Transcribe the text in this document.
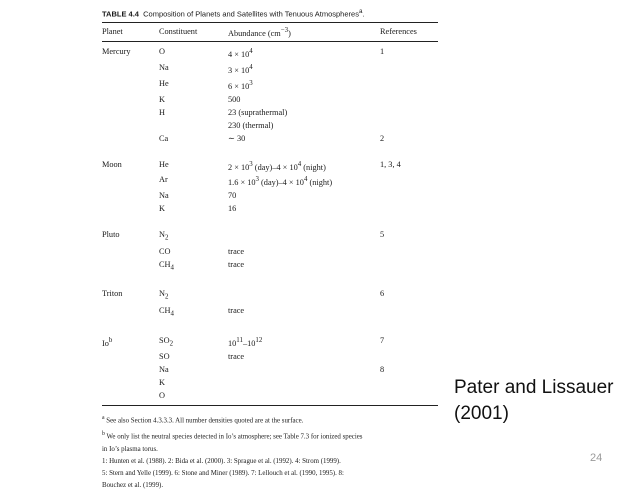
TABLE 4.4 Composition of Planets and Satellites with Tenuous Atmospheres$^a$.
Planet	Constituent	Abundance $(cm^{-3})$	References

Mercury	O	$4 \times 10^4$	1
	Na	$3 \times 10^4$	
	He	$6 \times 10^3$	
	K	500	
	H	23 (suprathermal)	
		230 (thermal)	
	Ca	∼ 30	2

Moon	He	$2 \times 10^3$ $(day)-4 \times 10^4$ (night)	1, 3, 4
	Ar	$1.6 \times 10^3$ $(day)-4 \times 10^4$ (night)	
	Na	70	
	K	16	

Pluto	$N_2$		5
	CO	trace	
	$CH_4$	trace	

Triton	$N_2$		6
	$CH_4$	trace	

Io$^b$	$SO_2$	$10^{11}-10^{12}$	7
	SO	trace	
	Na		8
	K		
	O		
$^a$ See also Section 4.3.3.3. All number densities quoted are at the surface.
$^b$ We only list the neutral species detected in Io’s atmosphere; see Table 7.3 for ionized species
in Io’s plasma torus.
1: Hunten et al. (1988). 2: Bida et al. (2000). 3: Sprague et al. (1992). 4: Strom (1999).
5: Stern and Yelle (1999). 6: Stone and Miner (1989). 7: Lellouch et al. (1990, 1995). 8:
Bouchez et al. (1999).
Pater and Lissauer
(2001)
24
